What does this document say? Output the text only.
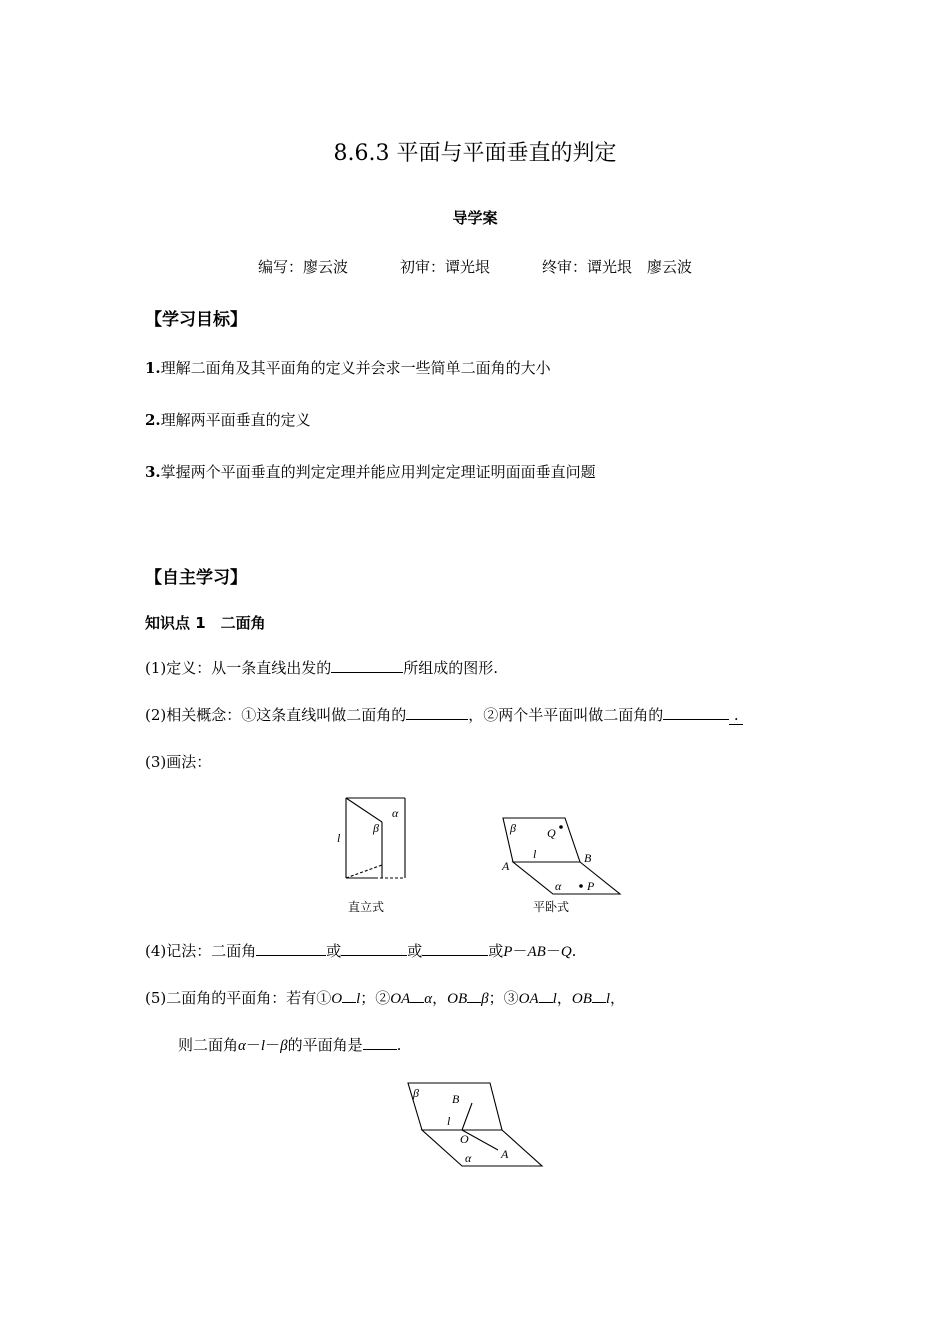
8.6.3 平面与平面垂直的判定
导学案
编写：廖云波	初审：谭光垠	终审：谭光垠　廖云波
【学习目标】
1.理解二面角及其平面角的定义并会求一些简单二面角的大小
2.理解两平面垂直的定义
3.掌握两个平面垂直的判定定理并能应用判定定理证明面面垂直问题
【自主学习】
知识点 1　二面角
(1)定义：从一条直线出发的	所组成的图形.
(2)相关概念：①这条直线叫做二面角的	，②两个半平面叫做二面角的	.
(3)画法：
α
β
l
直立式
β	Q
l
A
B
α P
平卧式
(4)记法：二面角	或	或	或P－AB－Q.
(5)二面角的平面角：若有①O l；②OA α，OB β；③OA l，OB l，
则二面角α－l－β的平面角是 .
β	B
l
O
α A
